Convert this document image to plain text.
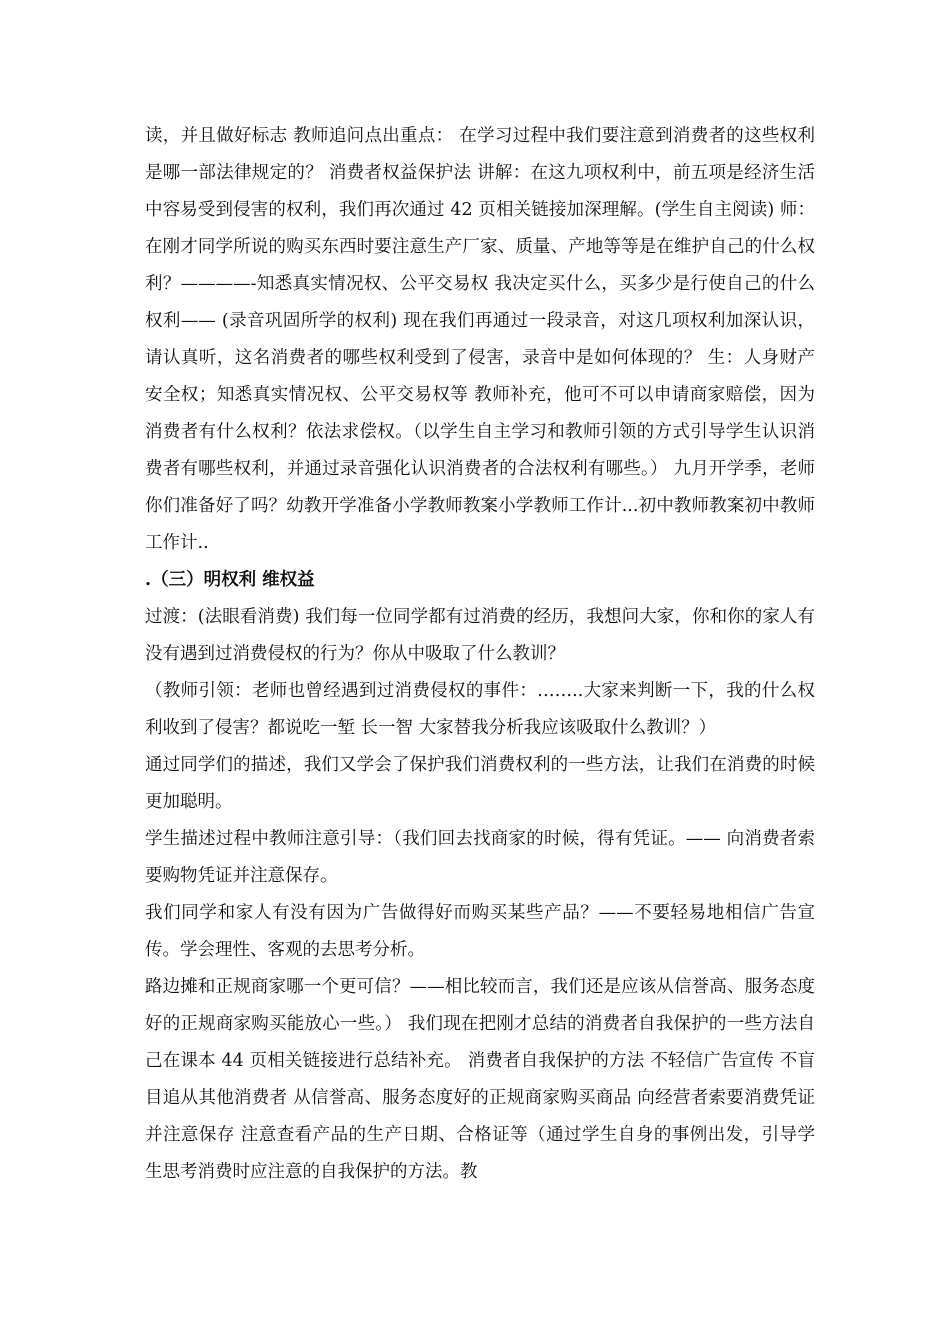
读，并且做好标志 教师追问点出重点： 在学习过程中我们要注意到消费者的这些权利是哪一部法律规定的？ 消费者权益保护法 讲解：在这九项权利中，前五项是经济生活中容易受到侵害的权利，我们再次通过 42 页相关链接加深理解。(学生自主阅读) 师：在刚才同学所说的购买东西时要注意生产厂家、质量、产地等等是在维护自己的什么权利？————-知悉真实情况权、公平交易权 我决定买什么，买多少是行使自己的什么权利—— (录音巩固所学的权利) 现在我们再通过一段录音，对这几项权利加深认识，请认真听，这名消费者的哪些权利受到了侵害，录音中是如何体现的？ 生：人身财产安全权；知悉真实情况权、公平交易权等 教师补充，他可不可以申请商家赔偿，因为消费者有什么权利？依法求偿权。（以学生自主学习和教师引领的方式引导学生认识消费者有哪些权利，并通过录音强化认识消费者的合法权利有哪些。） 九月开学季，老师你们准备好了吗？幼教开学准备小学教师教案小学教师工作计...初中教师教案初中教师工作计..

.（三）明权利 维权益

过渡：(法眼看消费) 我们每一位同学都有过消费的经历，我想问大家，你和你的家人有没有遇到过消费侵权的行为？你从中吸取了什么教训？

（教师引领：老师也曾经遇到过消费侵权的事件：……..大家来判断一下，我的什么权利收到了侵害？都说吃一堑 长一智 大家替我分析我应该吸取什么教训？）

通过同学们的描述，我们又学会了保护我们消费权利的一些方法，让我们在消费的时候更加聪明。

学生描述过程中教师注意引导：（我们回去找商家的时候，得有凭证。—— 向消费者索要购物凭证并注意保存。

我们同学和家人有没有因为广告做得好而购买某些产品？——不要轻易地相信广告宣传。学会理性、客观的去思考分析。

路边摊和正规商家哪一个更可信？——相比较而言，我们还是应该从信誉高、服务态度好的正规商家购买能放心一些。） 我们现在把刚才总结的消费者自我保护的一些方法自己在课本 44 页相关链接进行总结补充。 消费者自我保护的方法 不轻信广告宣传 不盲目追从其他消费者 从信誉高、服务态度好的正规商家购买商品 向经营者索要消费凭证并注意保存 注意查看产品的生产日期、合格证等（通过学生自身的事例出发，引导学生思考消费时应注意的自我保护的方法。教
